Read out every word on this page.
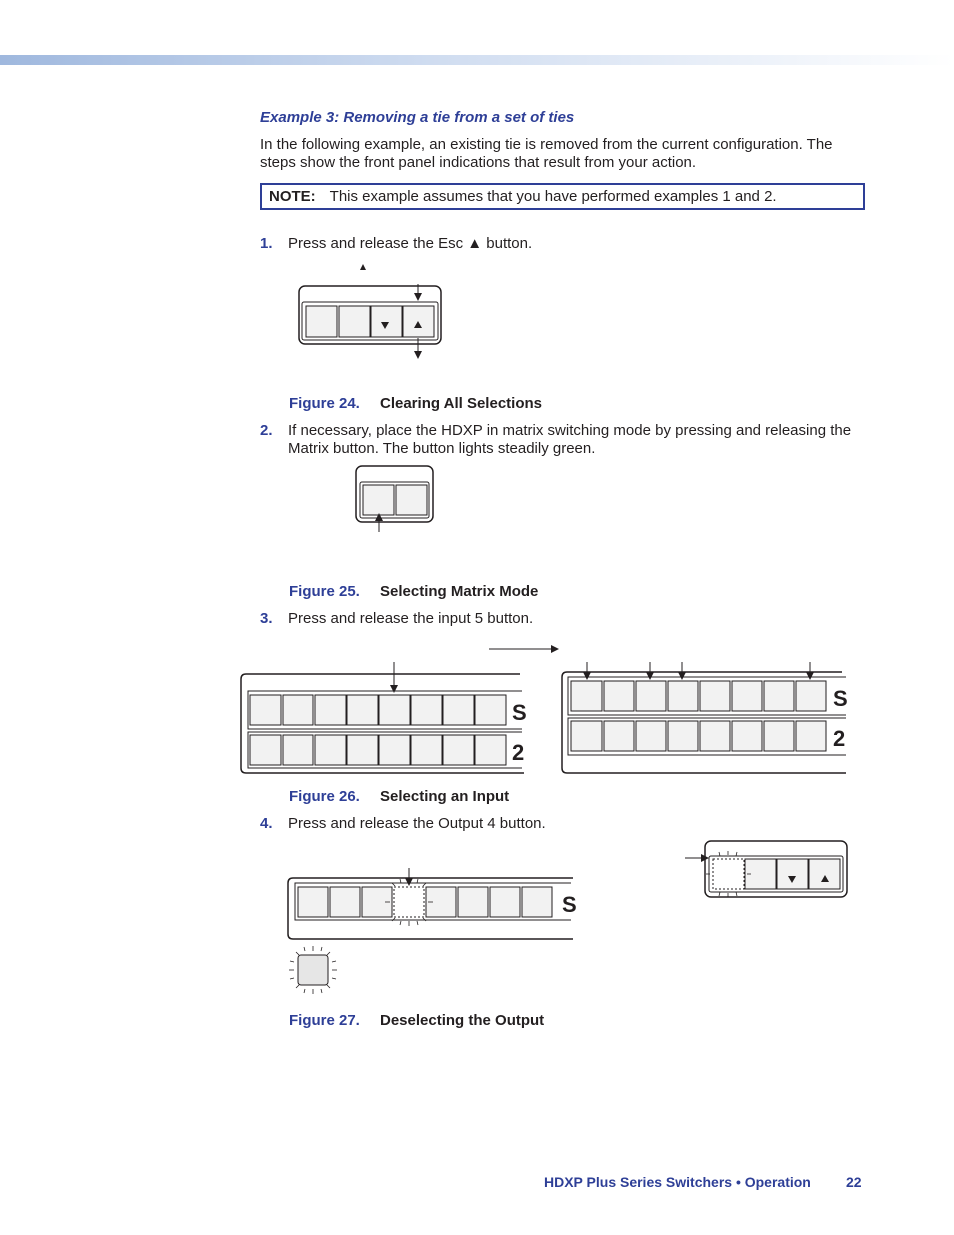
Example 3: Removing a tie from a set of ties
In the following example, an existing tie is removed from the current configuration. The steps show the front panel indications that result from your action.
NOTE: This example assumes that you have performed examples 1 and 2.
1. Press and release the Esc ▲ button.
Figure 24. Clearing All Selections
2. If necessary, place the HDXP in matrix switching mode by pressing and releasing the
Matrix button. The button lights steadily green.
Figure 25. Selecting Matrix Mode
3. Press and release the input 5 button.
Figure 26. Selecting an Input
4. Press and release the Output 4 button.
Figure 27. Deselecting the Output
HDXP Plus Series Switchers • Operation	22
S
2
S
2
S
